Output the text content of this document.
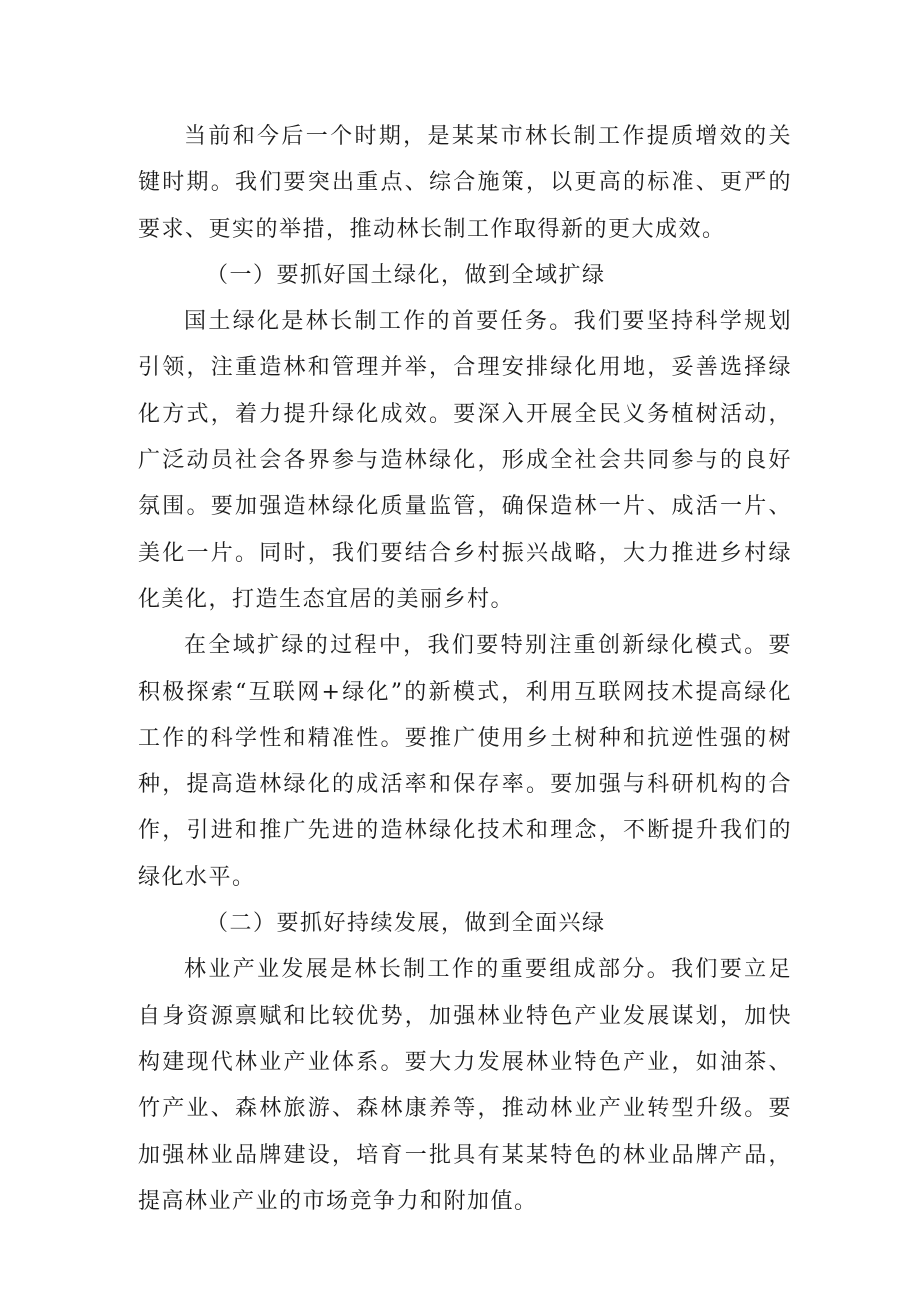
当前和今后一个时期，是某某市林长制工作提质增效的关键时期。我们要突出重点、综合施策，以更高的标准、更严的要求、更实的举措，推动林长制工作取得新的更大成效。

（一）要抓好国土绿化，做到全域扩绿

国土绿化是林长制工作的首要任务。我们要坚持科学规划引领，注重造林和管理并举，合理安排绿化用地，妥善选择绿化方式，着力提升绿化成效。要深入开展全民义务植树活动，广泛动员社会各界参与造林绿化，形成全社会共同参与的良好氛围。要加强造林绿化质量监管，确保造林一片、成活一片、美化一片。同时，我们要结合乡村振兴战略，大力推进乡村绿化美化，打造生态宜居的美丽乡村。

在全域扩绿的过程中，我们要特别注重创新绿化模式。要积极探索“互联网+绿化”的新模式，利用互联网技术提高绿化工作的科学性和精准性。要推广使用乡土树种和抗逆性强的树种，提高造林绿化的成活率和保存率。要加强与科研机构的合作，引进和推广先进的造林绿化技术和理念，不断提升我们的绿化水平。

（二）要抓好持续发展，做到全面兴绿

林业产业发展是林长制工作的重要组成部分。我们要立足自身资源禀赋和比较优势，加强林业特色产业发展谋划，加快构建现代林业产业体系。要大力发展林业特色产业，如油茶、竹产业、森林旅游、森林康养等，推动林业产业转型升级。要加强林业品牌建设，培育一批具有某某特色的林业品牌产品，提高林业产业的市场竞争力和附加值。
